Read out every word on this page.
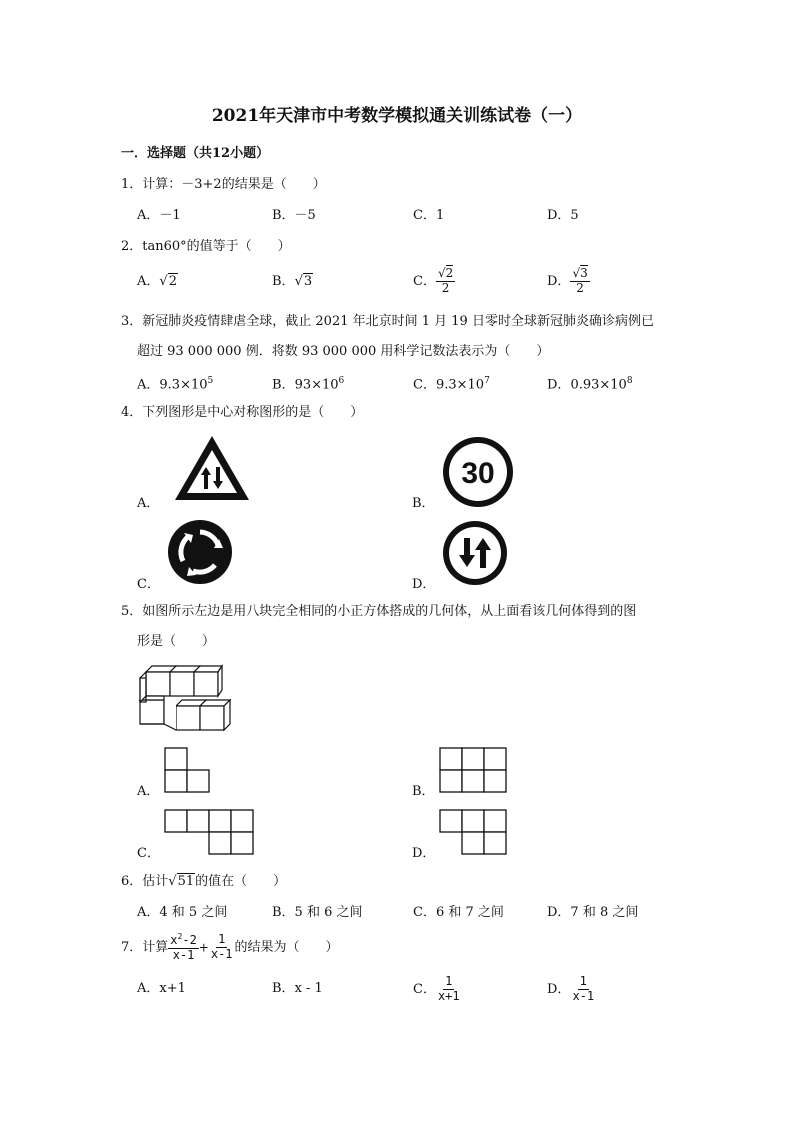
2021年天津市中考数学模拟通关训练试卷（一）
一．选择题（共12小题）
1．计算：－3+2的结果是（　　）
A．－1	B．－5	C．1	D．5
2．tan60°的值等于（　　）
A．√2	B．√3	C． $\frac{√2}{2}$	D． $\frac{√3}{2}$
3．新冠肺炎疫情肆虐全球，截止 2021 年北京时间 1 月 19 日零时全球新冠肺炎确诊病例已
超过 93 000 000 例．将数 93 000 000 用科学记数法表示为（　　）
A．$9.3\times 10^5$	B．$93\times 10^6$	C．$9.3\times 10^7$	D．$0.93\times 10^8$
4．下列图形是中心对称图形的是（　　）
A．
30
B．
C．	D．
5．如图所示左边是用八块完全相同的小正方体搭成的几何体，从上面看该几何体得到的图
形是（　　）
A．	B．
C．	D．
6．估计√51的值在（　　）
A．4 和 5 之间	B．5 和 6 之间	C．6 和 7 之间	D．7 和 8 之间
7．计算 $\frac{x^2-2}{x-1} + \frac{1}{x-1}$ 的结果为（　　）
A．x+1	B．x - 1	C． $\frac{1}{x+1}$	D． $\frac{1}{x-1}$
